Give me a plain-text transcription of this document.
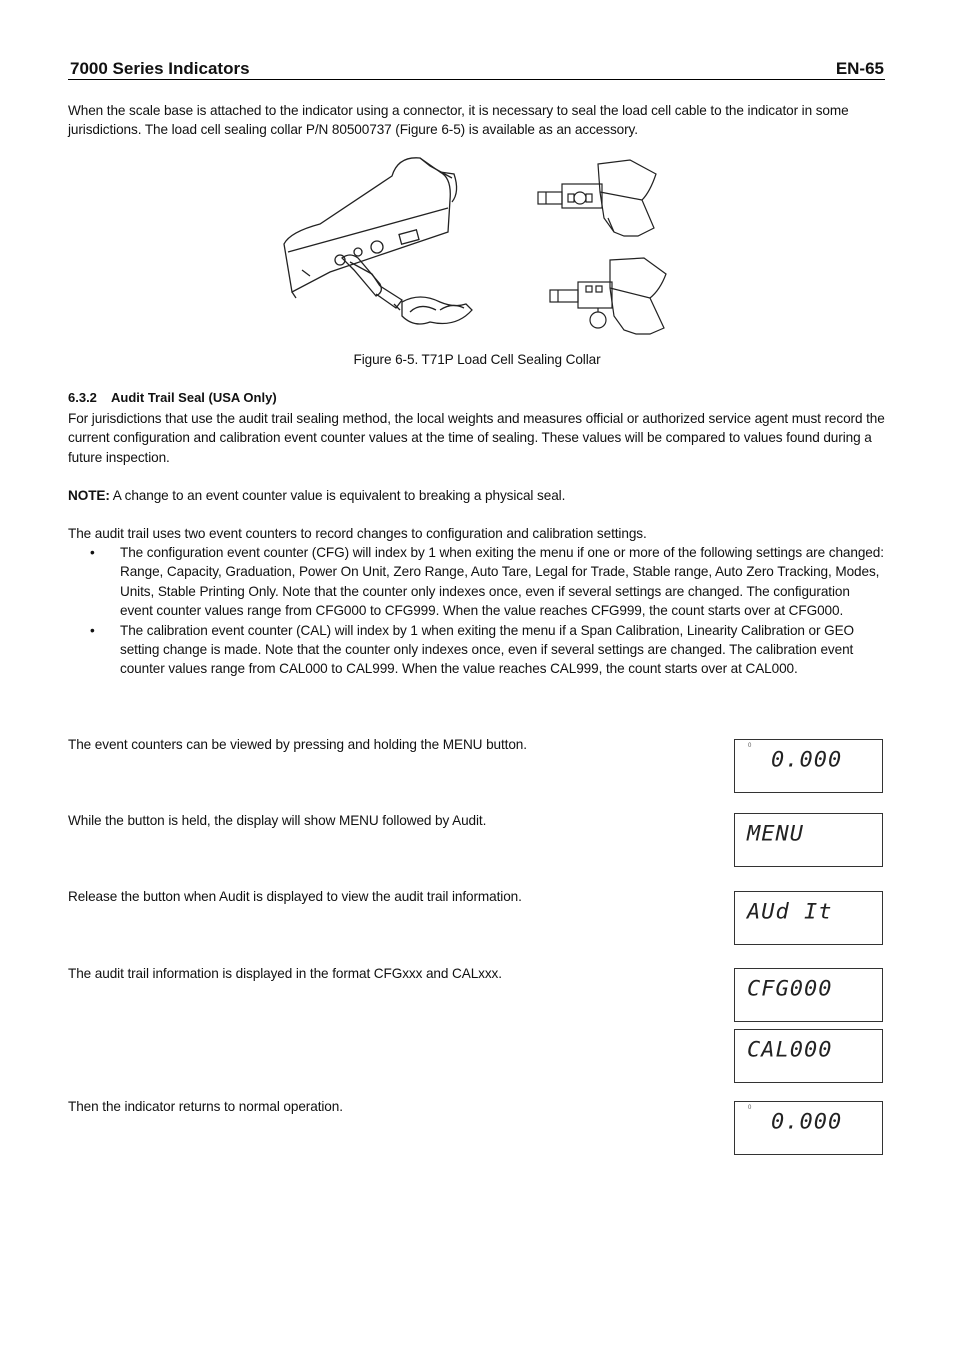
7000 Series Indicators	EN-65
When the scale base is attached to the indicator using a connector, it is necessary to seal the load cell cable to the indicator in some jurisdictions. The load cell sealing collar P/N 80500737 (Figure 6-5) is available as an accessory.
Figure 6-5. T71P Load Cell Sealing Collar
6.3.2 Audit Trail Seal (USA Only)
For jurisdictions that use the audit trail sealing method, the local weights and measures official or authorized service agent must record the current configuration and calibration event counter values at the time of sealing. These values will be compared to values found during a future inspection.
NOTE: A change to an event counter value is equivalent to breaking a physical seal.
The audit trail uses two event counters to record changes to configuration and calibration settings.
• The configuration event counter (CFG) will index by 1 when exiting the menu if one or more of the following settings are changed: Range, Capacity, Graduation, Power On Unit, Zero Range, Auto Tare, Legal for Trade, Stable range, Auto Zero Tracking, Modes, Units, Stable Printing Only. Note that the counter only indexes once, even if several settings are changed. The configuration event counter values range from CFG000 to CFG999. When the value reaches CFG999, the count starts over at CFG000.
• The calibration event counter (CAL) will index by 1 when exiting the menu if a Span Calibration, Linearity Calibration or GEO setting change is made. Note that the counter only indexes once, even if several settings are changed. The calibration event counter values range from CAL000 to CAL999. When the value reaches CAL999, the count starts over at CAL000.
The event counters can be viewed by pressing and holding the MENU button.	0
0.000
While the button is held, the display will show MENU followed by Audit.
MENU
Release the button when Audit is displayed to view the audit trail information.
AUd It
The audit trail information is displayed in the format CFGxxx and CALxxx.
CFG000
CAL000
Then the indicator returns to normal operation.	0
0.000
